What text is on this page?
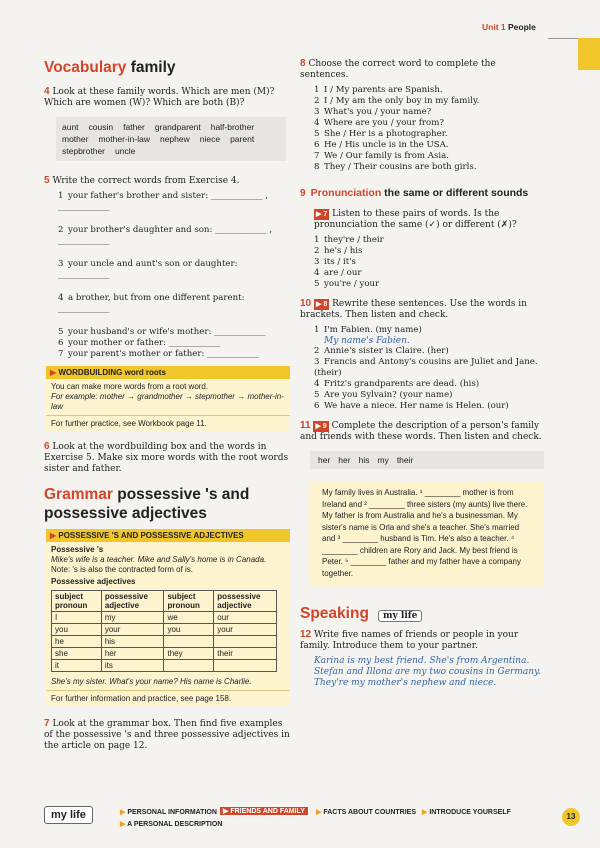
Unit 1 People
Vocabulary family
4 Look at these family words. Which are men (M)? Which are women (W)? Which are both (B)?
aunt cousin father grandparent half-brothermother mother-in-law nephew niece parentstepbrother uncle
5 Write the correct words from Exercise 4.
1 your father's brother and sister: ____________ , ____________
2 your brother's daughter and son: ____________ , ____________
3 your uncle and aunt's son or daughter: ____________
4 a brother, but from one different parent: ____________
5 your husband's or wife's mother: ____________
6 your mother or father: ____________
7 your parent's mother or father: ____________
▶ WORDBUILDING word roots
You can make more words from a root word.
For example: mother → grandmother → stepmother → mother-in-law
For further practice, see Workbook page 11.
6 Look at the wordbuilding box and the words in Exercise 5. Make six more words with the root words sister and father.
Grammar possessive 's and possessive adjectives
▶ POSSESSIVE 'S AND POSSESSIVE ADJECTIVES
Possessive 's
Mike's wife is a teacher. Mike and Sally's home is in Canada.
Note: 's is also the contracted form of is.
Possessive adjectives
subject pronoun	possessive adjective	subject pronoun	possessive adjective
I	my	we	our
you	your	you	your
he	his		
she	her	they	their
it	its		
She's my sister. What's your name? His name is Charlie.
For further information and practice, see page 158.
7 Look at the grammar box. Then find five examples of the possessive 's and three possessive adjectives in the article on page 12.
8 Choose the correct word to complete the sentences.
1 I / My parents are Spanish.
2 I / My am the only boy in my family.
3 What's you / your name?
4 Where are you / your from?
5 She / Her is a photographer.
6 He / His uncle is in the USA.
7 We / Our family is from Asia.
8 They / Their cousins are both girls.
9 Pronunciation the same or different sounds
▶ 7 Listen to these pairs of words. Is the pronunciation the same (✓) or different (✗)?
1 they're / their
2 he's / his
3 its / it's
4 are / our
5 you're / your
10 ▶ 8 Rewrite these sentences. Use the words in brackets. Then listen and check.
1 I'm Fabien. (my name)
My name's Fabien.
2 Annie's sister is Claire. (her)
3 Francis and Antony's cousins are Juliet and Jane. (their)
4 Fritz's grandparents are dead. (his)
5 Are you Sylvain? (your name)
6 We have a niece. Her name is Helen. (our)
11 ▶ 9 Complete the description of a person's family and friends with these words. Then listen and check.
her her his my their
My family lives in Australia. ¹ ________ mother is from Ireland and ² ________ three sisters (my aunts) live there. My father is from Australia and he's a businessman. My sister's name is Orla and she's a teacher. She's married and ³ ________ husband is Tim. He's also a teacher. ⁴ ________ children are Rory and Jack. My best friend is Peter. ⁵ ________ father and my father have a company together.
Speaking my life
12 Write five names of friends or people in your family. Introduce them to your partner.
Karina is my best friend. She's from Argentina. Stefan and Illona are my two cousins in Germany. They're my mother's nephew and niece.
my life	▶ PERSONAL INFORMATION ▶ FRIENDS AND FAMILY	▶ FACTS ABOUT COUNTRIES ▶ INTRODUCE YOURSELF
▶ A PERSONAL DESCRIPTION
13
